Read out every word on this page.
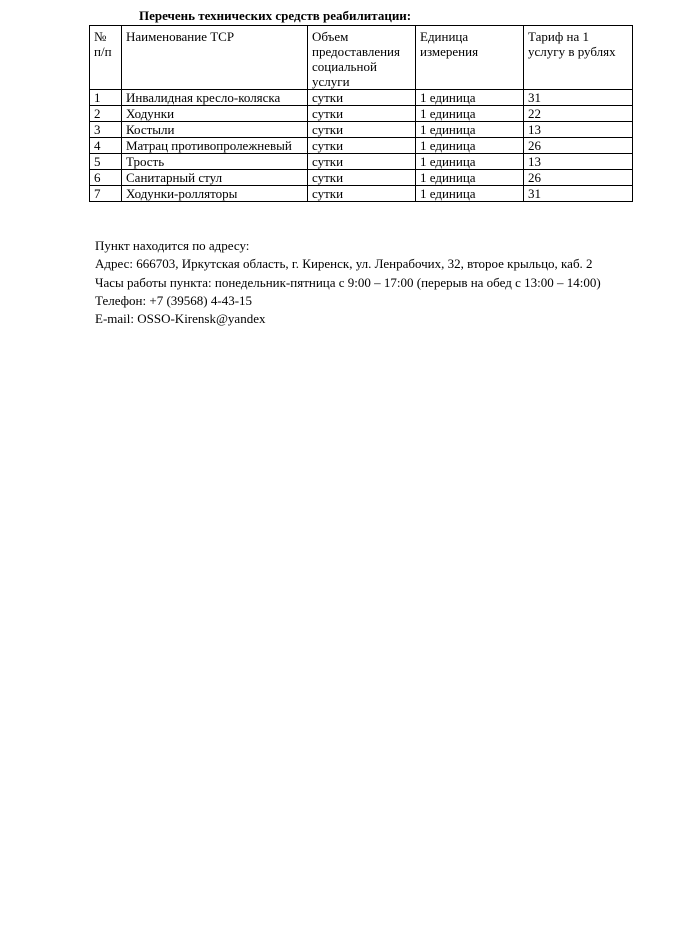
Перечень технических средств реабилитации:
№ п/п	Наименование ТСР	Объем предоставления социальной услуги	Единица измерения	Тариф на 1 услугу в рублях
1	Инвалидная кресло-коляска	сутки	1 единица	31
2	Ходунки	сутки	1 единица	22
3	Костыли	сутки	1 единица	13
4	Матрац противопролежневый	сутки	1 единица	26
5	Трость	сутки	1 единица	13
6	Санитарный стул	сутки	1 единица	26
7	Ходунки-ролляторы	сутки	1 единица	31
Пункт находится по адресу:
Адрес: 666703, Иркутская область, г. Киренск, ул. Ленрабочих, 32, второе крыльцо, каб. 2
Часы работы пункта: понедельник-пятница с 9:00 – 17:00 (перерыв на обед с 13:00 – 14:00)
Телефон: +7 (39568) 4-43-15
E-mail: OSSO-Kirensk@yandex
